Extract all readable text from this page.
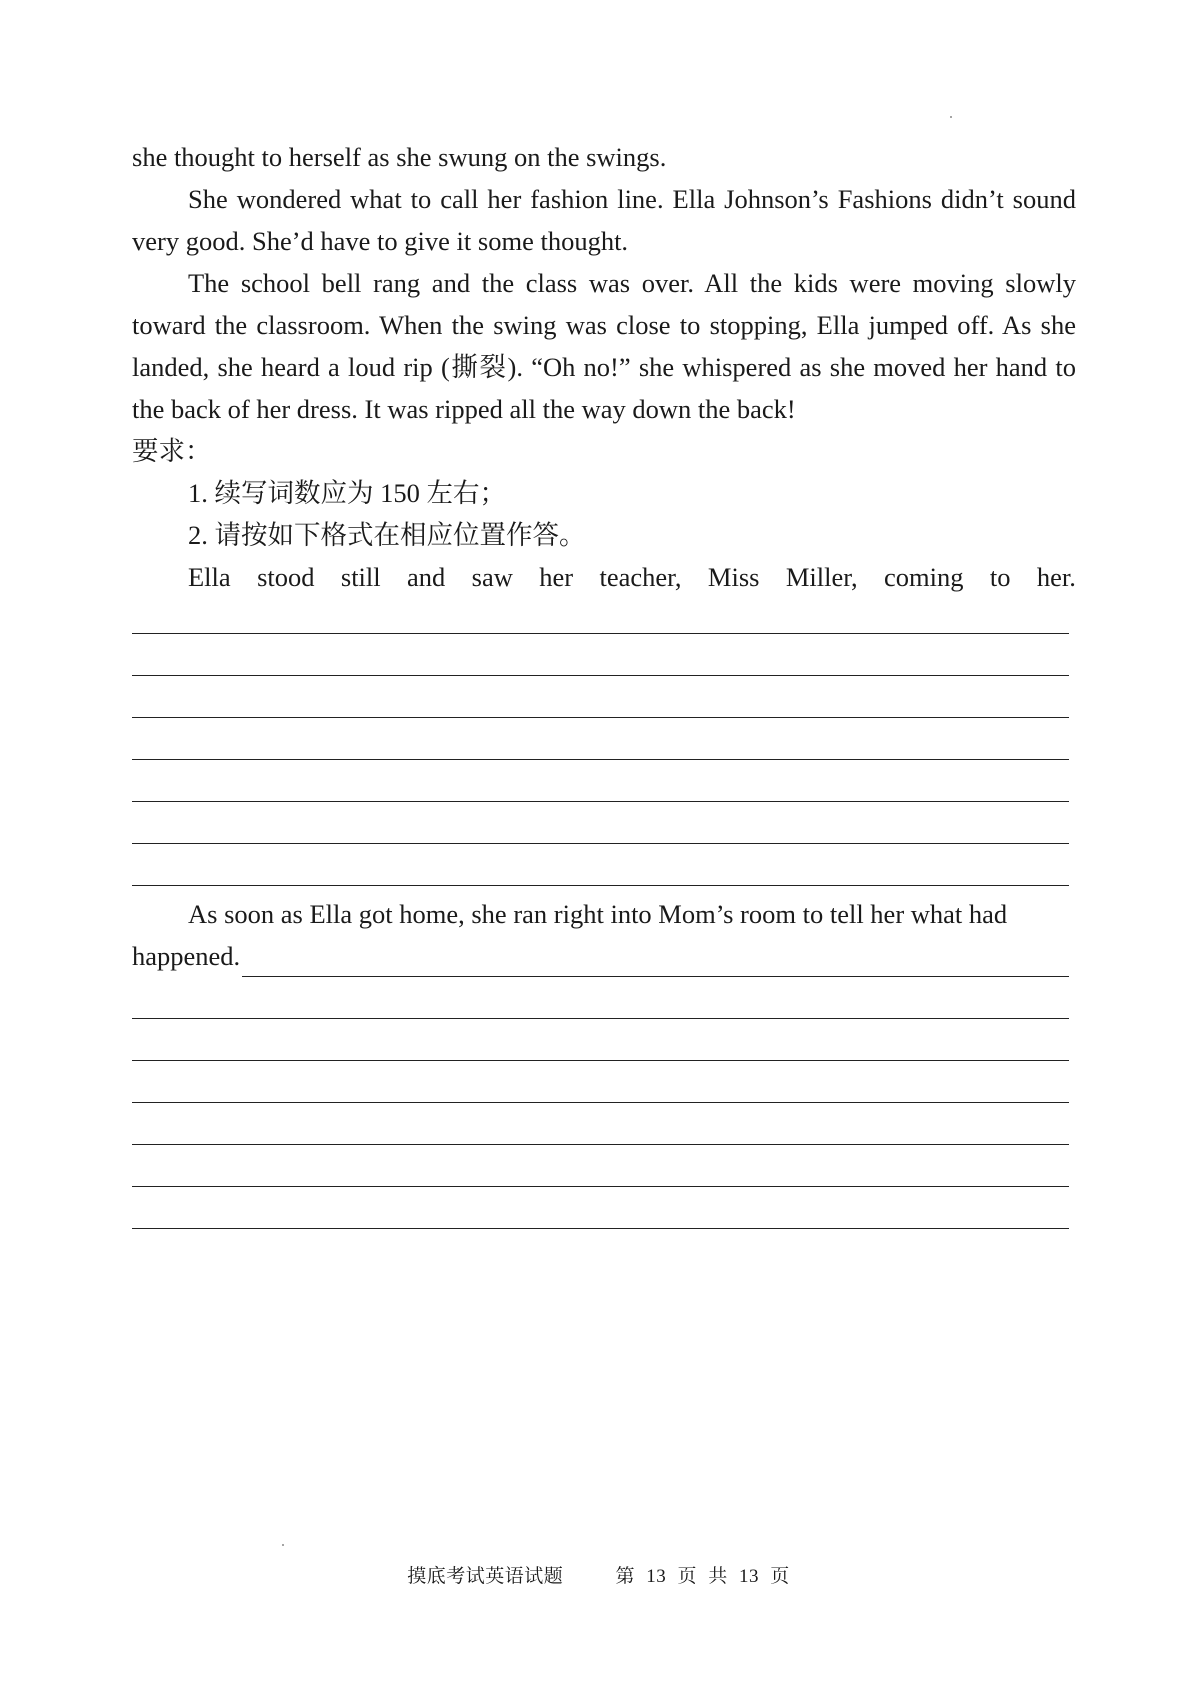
she thought to herself as she swung on the swings.

She wondered what to call her fashion line. Ella Johnson’s Fashions didn’t sound very good. She’d have to give it some thought.

The school bell rang and the class was over. All the kids were moving slowly toward the classroom. When the swing was close to stopping, Ella jumped off. As she landed, she heard a loud rip (撕裂). “Oh no!” she whispered as she moved her hand to the back of her dress. It was ripped all the way down the back!

要求：

1. 续写词数应为 150 左右；

2. 请按如下格式在相应位置作答。

Ella stood still and saw her teacher, Miss Miller, coming to her.

As soon as Ella got home, she ran right into Mom’s room to tell her what had

happened.
摸底考试英语试题	第 13 页 共 13 页
